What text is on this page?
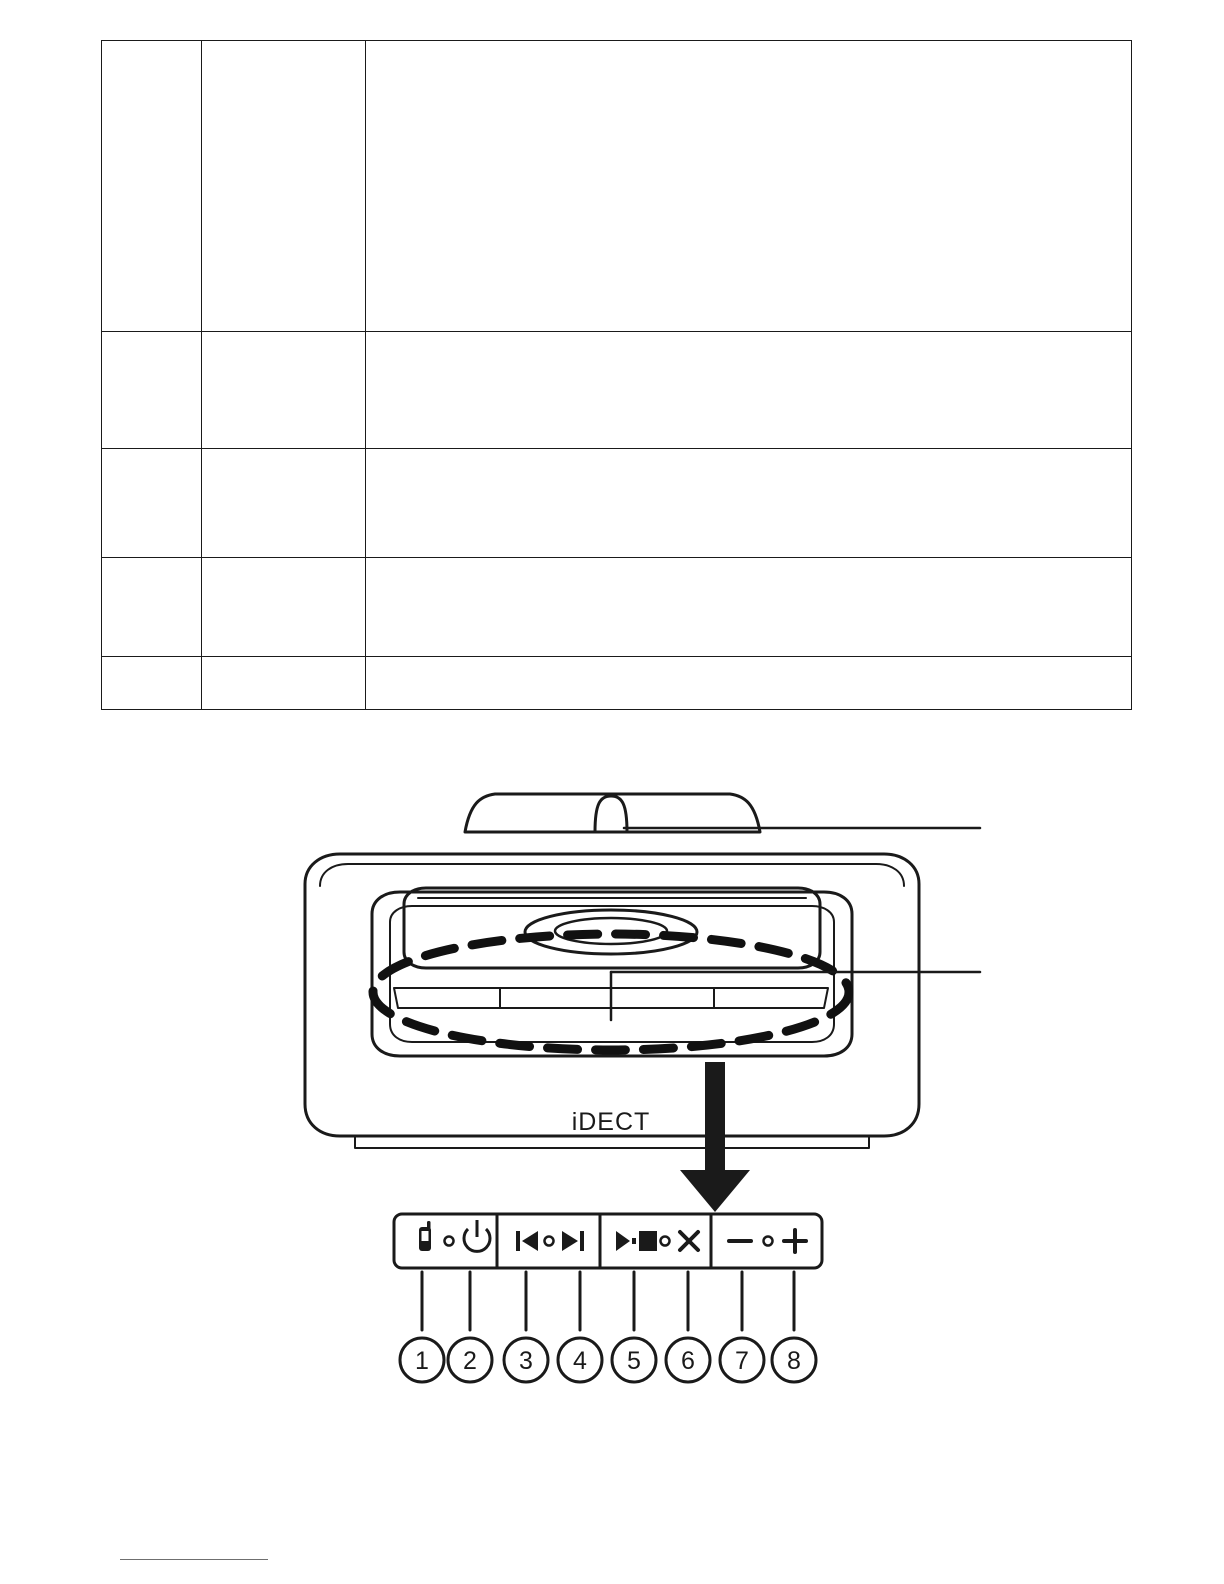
iDECT
1 2 3 4 5 6 7 8
